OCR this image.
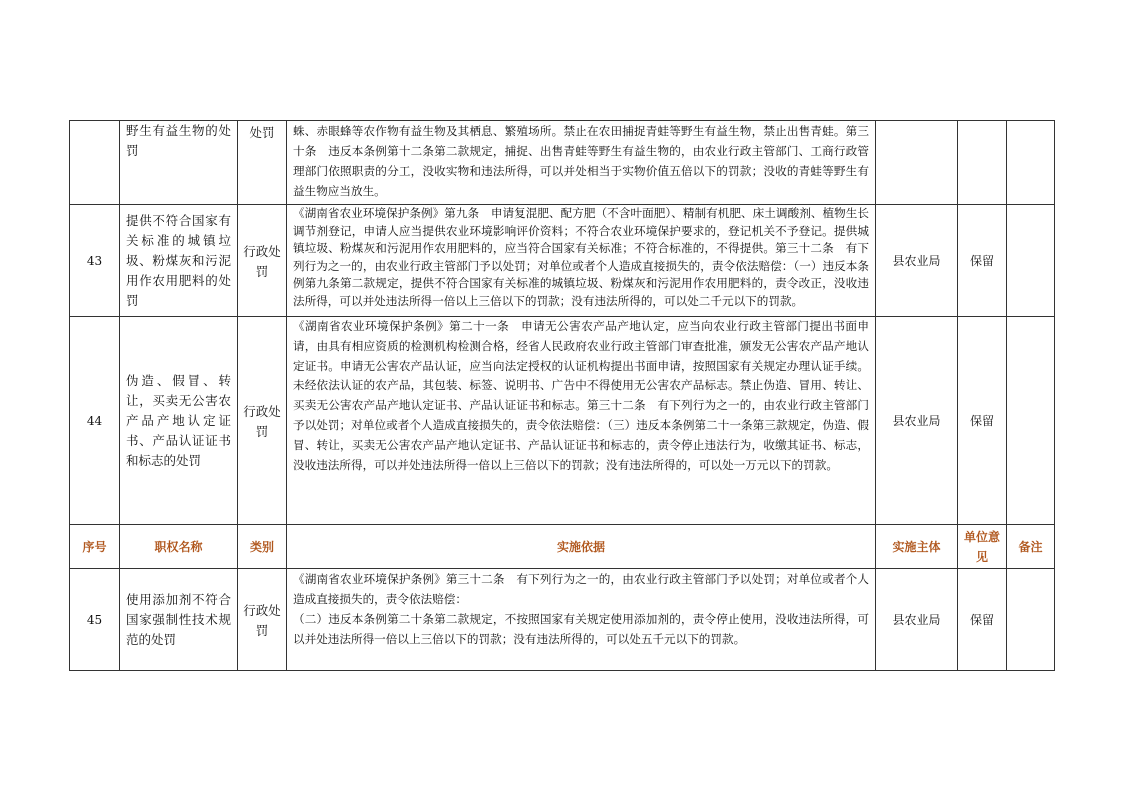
	野生有益生物的处罚	处罚	蛛、赤眼蜂等农作物有益生物及其栖息、繁殖场所。禁止在农田捕捉青蛙等野生有益生物，禁止出售青蛙。第三十条　违反本条例第十二条第二款规定，捕捉、出售青蛙等野生有益生物的，由农业行政主管部门、工商行政管理部门依照职责的分工，没收实物和违法所得，可以并处相当于实物价值五倍以下的罚款；没收的青蛙等野生有益生物应当放生。			
43	提供不符合国家有关标准的城镇垃圾、粉煤灰和污泥用作农用肥料的处罚	行政处罚	《湖南省农业环境保护条例》第九条　申请复混肥、配方肥（不含叶面肥）、精制有机肥、床土调酸剂、植物生长调节剂登记，申请人应当提供农业环境影响评价资料；不符合农业环境保护要求的，登记机关不予登记。提供城镇垃圾、粉煤灰和污泥用作农用肥料的，应当符合国家有关标准；不符合标准的，不得提供。第三十二条　有下列行为之一的，由农业行政主管部门予以处罚；对单位或者个人造成直接损失的，责令依法赔偿：（一）违反本条例第九条第二款规定，提供不符合国家有关标准的城镇垃圾、粉煤灰和污泥用作农用肥料的，责令改正，没收违法所得，可以并处违法所得一倍以上三倍以下的罚款；没有违法所得的，可以处二千元以下的罚款。	县农业局	保留	
44	伪造、假冒、转让，买卖无公害农产品产地认定证书、产品认证证书和标志的处罚	行政处罚	《湖南省农业环境保护条例》第二十一条　申请无公害农产品产地认定，应当向农业行政主管部门提出书面申请，由具有相应资质的检测机构检测合格，经省人民政府农业行政主管部门审查批准，颁发无公害农产品产地认定证书。申请无公害农产品认证，应当向法定授权的认证机构提出书面申请，按照国家有关规定办理认证手续。未经依法认证的农产品，其包装、标签、说明书、广告中不得使用无公害农产品标志。禁止伪造、冒用、转让、买卖无公害农产品产地认定证书、产品认证证书和标志。第三十二条　有下列行为之一的，由农业行政主管部门予以处罚；对单位或者个人造成直接损失的，责令依法赔偿：（三）违反本条例第二十一条第三款规定，伪造、假冒、转让，买卖无公害农产品产地认定证书、产品认证证书和标志的，责令停止违法行为，收缴其证书、标志，没收违法所得，可以并处违法所得一倍以上三倍以下的罚款；没有违法所得的，可以处一万元以下的罚款。	县农业局	保留	
序号	职权名称	类别	实施依据	实施主体	单位意见	备注
45	使用添加剂不符合国家强制性技术规范的处罚	行政处罚	《湖南省农业环境保护条例》第三十二条　有下列行为之一的，由农业行政主管部门予以处罚；对单位或者个人造成直接损失的，责令依法赔偿：
（二）违反本条例第二十条第二款规定，不按照国家有关规定使用添加剂的，责令停止使用，没收违法所得，可以并处违法所得一倍以上三倍以下的罚款；没有违法所得的，可以处五千元以下的罚款。	县农业局	保留	
